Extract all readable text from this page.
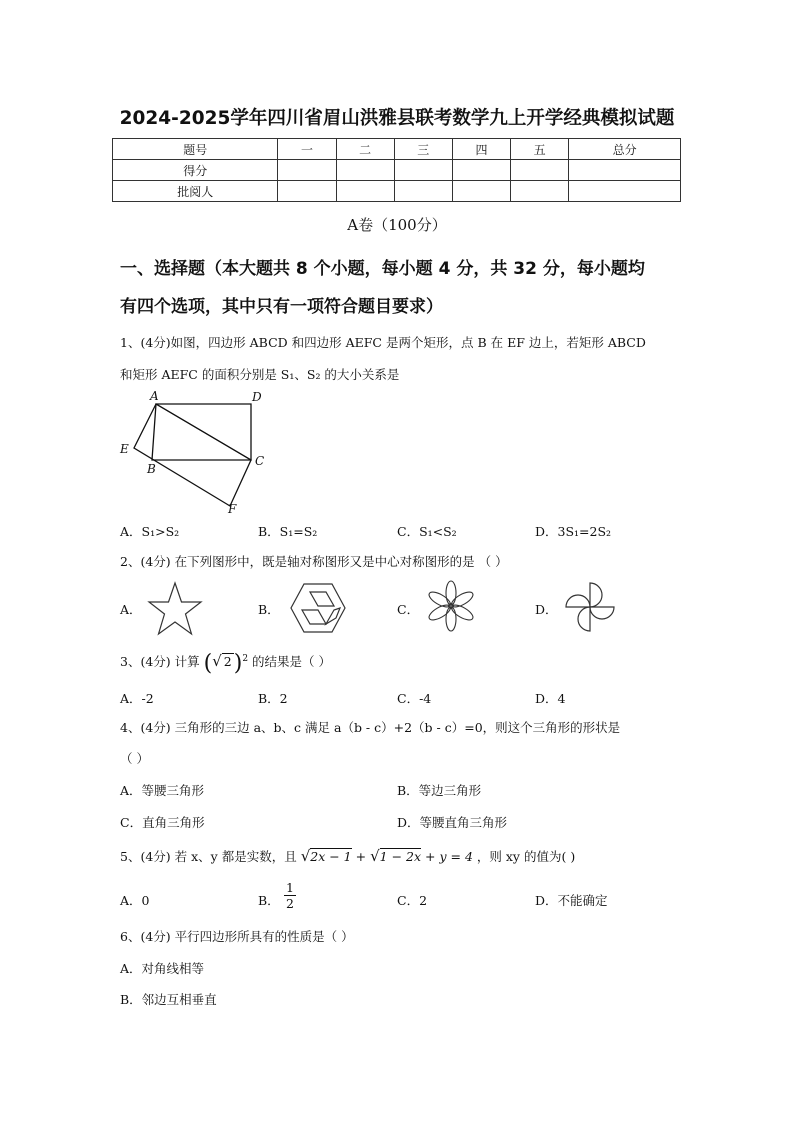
2024-2025学年四川省眉山洪雅县联考数学九上开学经典模拟试题
题号	一	二	三	四	五	总分
得分						
批阅人						
A卷（100分）
一、选择题（本大题共 8 个小题，每小题 4 分，共 32 分，每小题均
有四个选项，其中只有一项符合题目要求）
1、(4分)如图，四边形 ABCD 和四边形 AEFC 是两个矩形，点 B 在 EF 边上，若矩形 ABCD
和矩形 AEFC 的面积分别是 S₁、S₂ 的大小关系是
A	D
E
B
C
F
A．S₁>S₂	B．S₁=S₂	C．S₁<S₂	D．3S₁=2S₂
2、(4分) 在下列图形中，既是轴对称图形又是中心对称图形的是 （ ）
A．	B．	C．	D．
3、(4分) 计算 (√ 2)$^2$ 的结果是（ ）
A．-2	B．2	C．-4	D．4
4、(4分) 三角形的三边 a、b、c 满足 a（b - c）+2（b - c）=0，则这个三角形的形状是
（ ）
A．等腰三角形	B．等边三角形
C．直角三角形	D．等腰直角三角形
5、(4分) 若 x、y 都是实数，且 √2x − 1 + √1 − 2x + y = 4 ，则 xy 的值为( )
A．0	B． $\frac{1}{2}$	C．2	D．不能确定
6、(4分) 平行四边形所具有的性质是（ ）
A．对角线相等
B．邻边互相垂直
